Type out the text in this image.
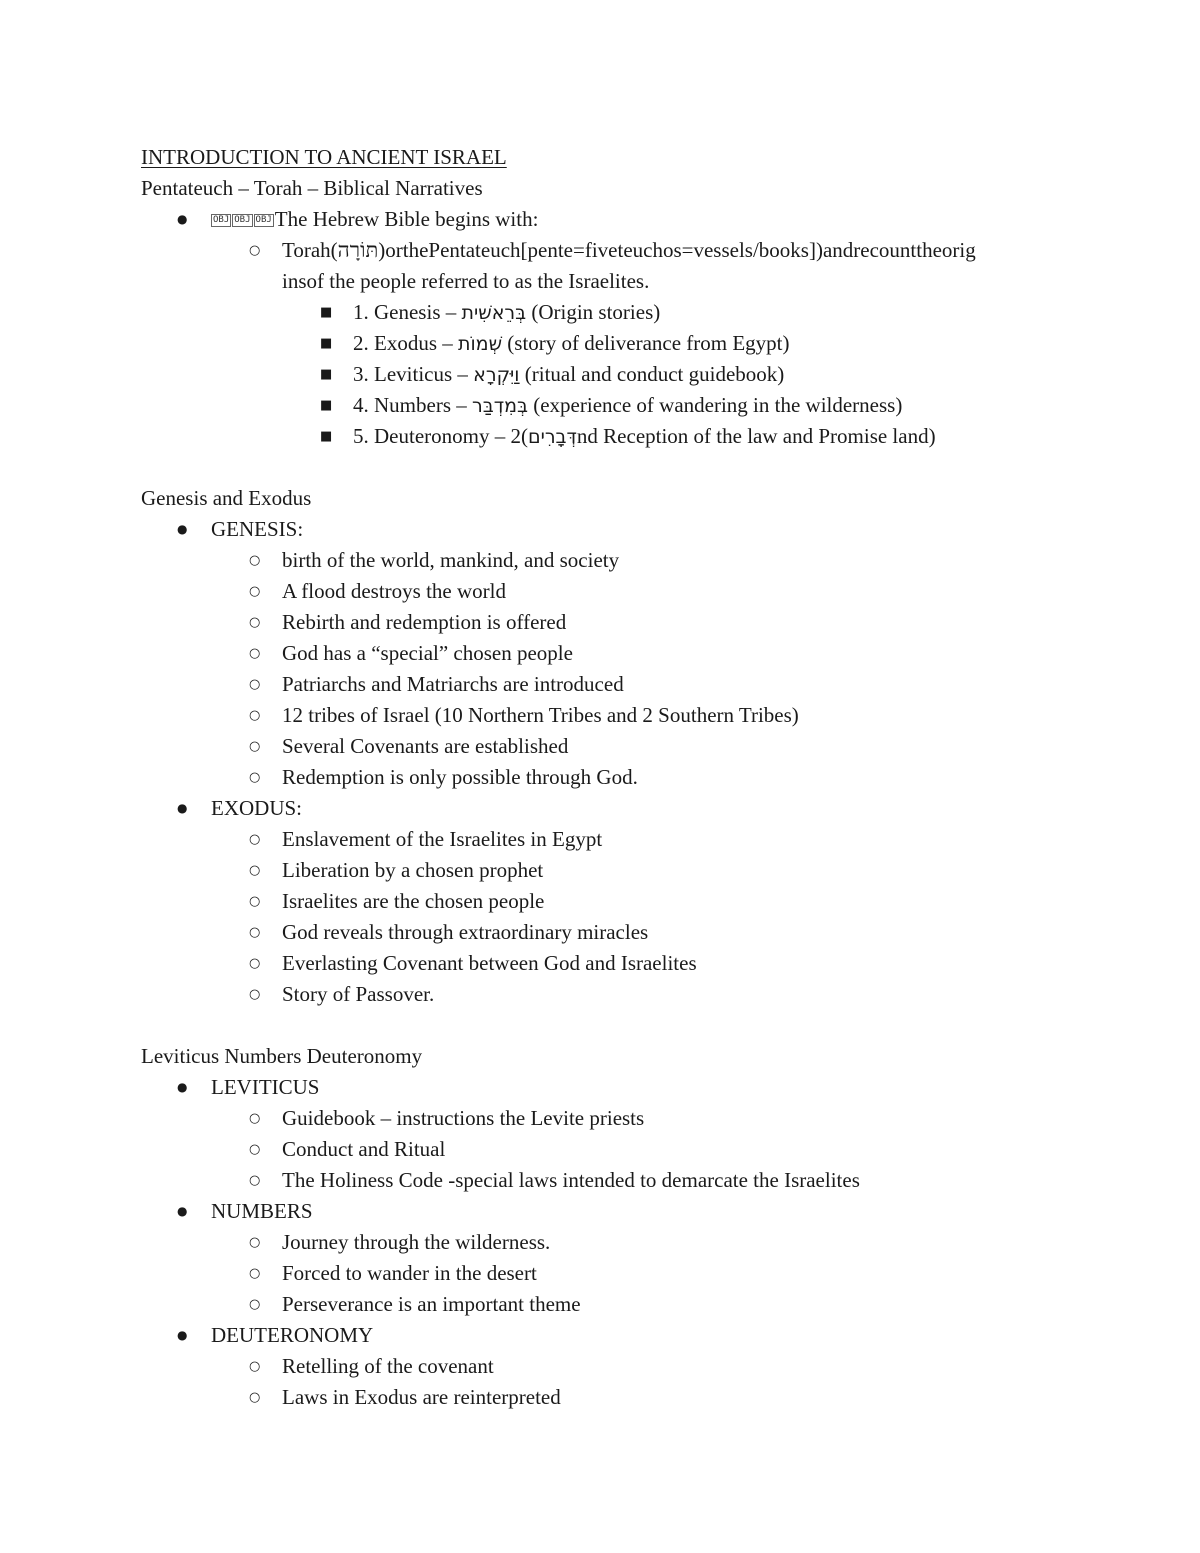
INTRODUCTION TO ANCIENT ISRAEL
Pentateuch – Torah – Biblical Narratives
●
OBJ OBJ OBJ The Hebrew Bible begins with:
○
Torah(תּוֹרָה)orthePentateuch[pente=fiveteuchos=vessels/books])andrecounttheorig
insof the people referred to as the Israelites.
■
1. Genesis – בְּרֵאשִׁית (Origin stories)
■
2. Exodus – שְׁמוֹת (story of deliverance from Egypt)
■
3. Leviticus – וַיִּקְרָא (ritual and conduct guidebook)
■
4. Numbers – בְּמִדְבַּר (experience of wandering in the wilderness)
■
5. Deuteronomy – 2(דְּבָרִיםnd Reception of the law and Promise land)
Genesis and Exodus
●
GENESIS:
○
birth of the world, mankind, and society
○
A flood destroys the world
○
Rebirth and redemption is offered
○
God has a “special” chosen people
○
Patriarchs and Matriarchs are introduced
○
12 tribes of Israel (10 Northern Tribes and 2 Southern Tribes)
○
Several Covenants are established
○
Redemption is only possible through God.
●
EXODUS:
○
Enslavement of the Israelites in Egypt
○
Liberation by a chosen prophet
○
Israelites are the chosen people
○
God reveals through extraordinary miracles
○
Everlasting Covenant between God and Israelites
○
Story of Passover.
Leviticus Numbers Deuteronomy
●
LEVITICUS
○
Guidebook – instructions the Levite priests
○
Conduct and Ritual
○
The Holiness Code -special laws intended to demarcate the Israelites
●
NUMBERS
○
Journey through the wilderness.
○
Forced to wander in the desert
○
Perseverance is an important theme
●
DEUTERONOMY
○
Retelling of the covenant
○
Laws in Exodus are reinterpreted
